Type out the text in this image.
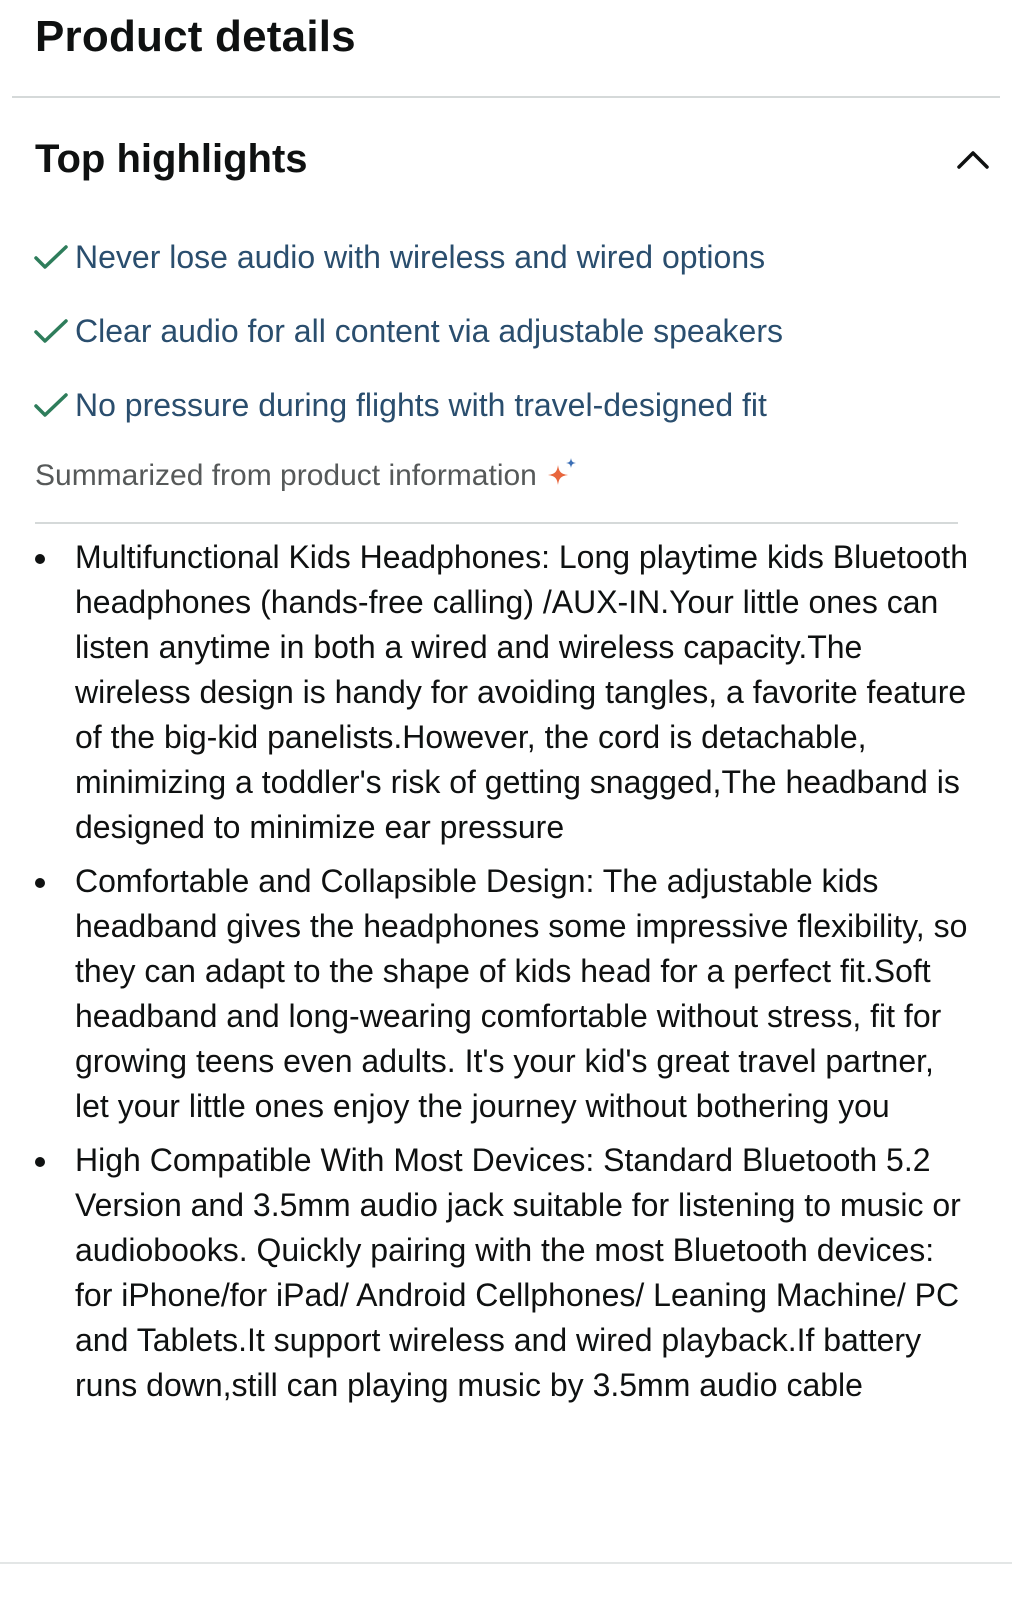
Product details
Top highlights
Never lose audio with wireless and wired options
Clear audio for all content via adjustable speakers
No pressure during flights with travel-designed fit
Summarized from product information
Multifunctional Kids Headphones: Long playtime kids Bluetooth headphones (hands-free calling) /AUX-IN.Your little ones can listen anytime in both a wired and wireless capacity.The wireless design is handy for avoiding tangles, a favorite feature of the big-kid panelists.However, the cord is detachable, minimizing a toddler's risk of getting snagged,The headband is designed to minimize ear pressure
Comfortable and Collapsible Design: The adjustable kids headband gives the headphones some impressive flexibility, so they can adapt to the shape of kids head for a perfect fit.Soft headband and long-wearing comfortable without stress, fit for growing teens even adults. It's your kid's great travel partner, let your little ones enjoy the journey without bothering you
High Compatible With Most Devices: Standard Bluetooth 5.2 Version and 3.5mm audio jack suitable for listening to music or audiobooks. Quickly pairing with the most Bluetooth devices: for iPhone/for iPad/ Android Cellphones/ Leaning Machine/ PC and Tablets.It support wireless and wired playback.If battery runs down,still can playing music by 3.5mm audio cable
